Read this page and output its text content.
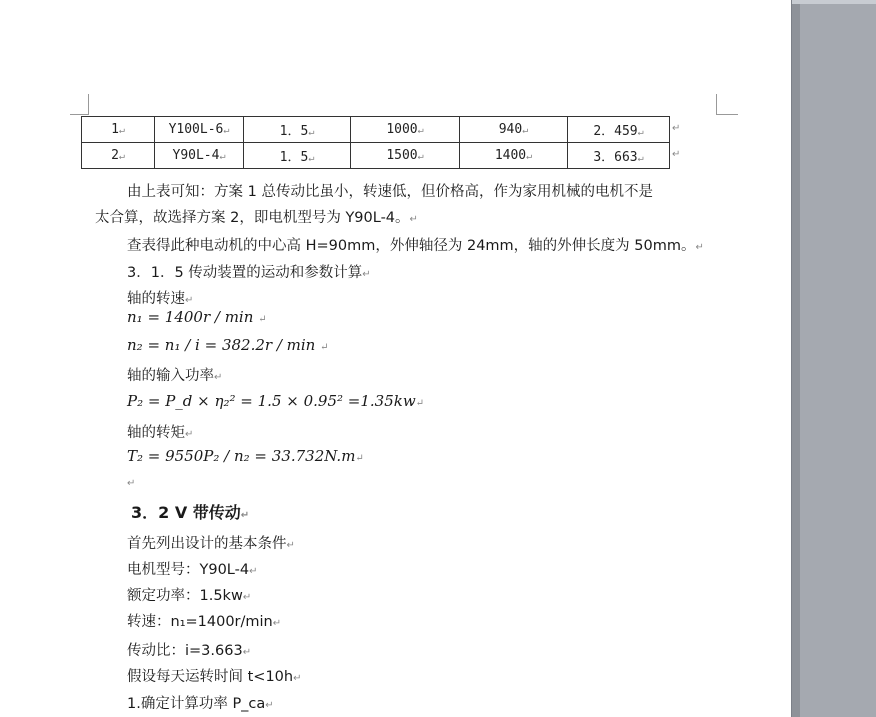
1↵	Y100L-6↵	1．5↵	1000↵	940↵	2．459↵
2↵	Y90L-4↵	1．5↵	1500↵	1400↵	3．663↵
↵
↵
由上表可知：方案 1 总传动比虽小，转速低，但价格高，作为家用机械的电机不是
太合算，故选择方案 2，即电机型号为 Y90L-4。↵
查表得此种电动机的中心高 H=90mm，外伸轴径为 24mm，轴的外伸长度为 50mm。↵
3．1．5 传动装置的运动和参数计算↵
轴的转速↵
n₁ = 1400r / min ↵
n₂ = n₁ / i = 382.2r / min ↵
轴的输入功率↵
P₂ = P_d × η₂² = 1.5 × 0.95² =1.35kw↵
轴的转矩↵
T₂ = 9550P₂ / n₂ = 33.732N.m↵
↵
3．2 V 带传动↵
首先列出设计的基本条件↵
电机型号：Y90L-4↵
额定功率：1.5kw↵
转速：n₁=1400r/min↵
传动比：i=3.663↵
假设每天运转时间 t<10h↵
1.确定计算功率 P_ca↵
